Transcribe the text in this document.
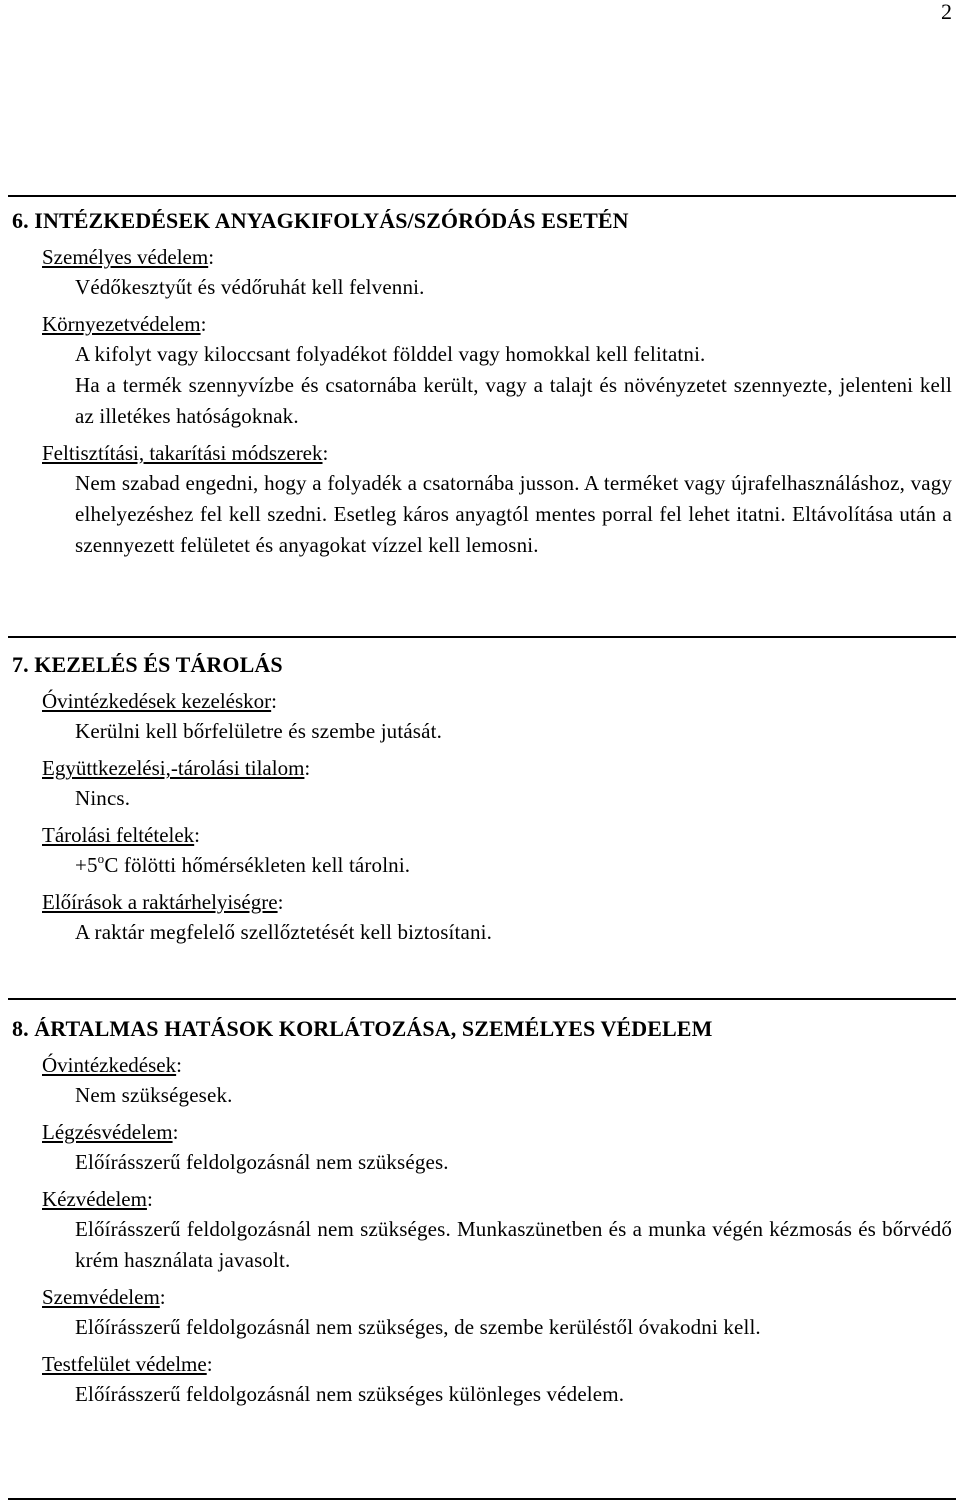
2
6. INTÉZKEDÉSEK ANYAGKIFOLYÁS/SZÓRÓDÁS ESETÉN
Személyes védelem:

Védőkesztyűt és védőruhát kell felvenni.

Környezetvédelem:

A kifolyt vagy kiloccsant folyadékot földdel vagy homokkal kell felitatni.

Ha a termék szennyvízbe és csatornába került, vagy a talajt és növényzetet szennyezte, jelenteni kell az illetékes hatóságoknak.

Feltisztítási, takarítási módszerek:

Nem szabad engedni, hogy a folyadék a csatornába jusson. A terméket vagy újrafelhasználáshoz, vagy elhelyezéshez fel kell szedni. Esetleg káros anyagtól mentes porral fel lehet itatni. Eltávolítása után a szennyezett felületet és anyagokat vízzel kell lemosni.

7. KEZELÉS ÉS TÁROLÁS
Óvintézkedések kezeléskor:

Kerülni kell bőrfelületre és szembe jutását.

Együttkezelési,-tárolási tilalom:

Nincs.

Tárolási feltételek:

$+5^oC$ fölötti hőmérsékleten kell tárolni.

Előírások a raktárhelyiségre:

A raktár megfelelő szellőztetését kell biztosítani.

8. ÁRTALMAS HATÁSOK KORLÁTOZÁSA, SZEMÉLYES VÉDELEM
Óvintézkedések:

Nem szükségesek.

Légzésvédelem:

Előírásszerű feldolgozásnál nem szükséges.

Kézvédelem:

Előírásszerű feldolgozásnál nem szükséges. Munkaszünetben és a munka végén kézmosás és bőrvédő krém használata javasolt.

Szemvédelem:

Előírásszerű feldolgozásnál nem szükséges, de szembe kerüléstől óvakodni kell.

Testfelület védelme:

Előírásszerű feldolgozásnál nem szükséges különleges védelem.
